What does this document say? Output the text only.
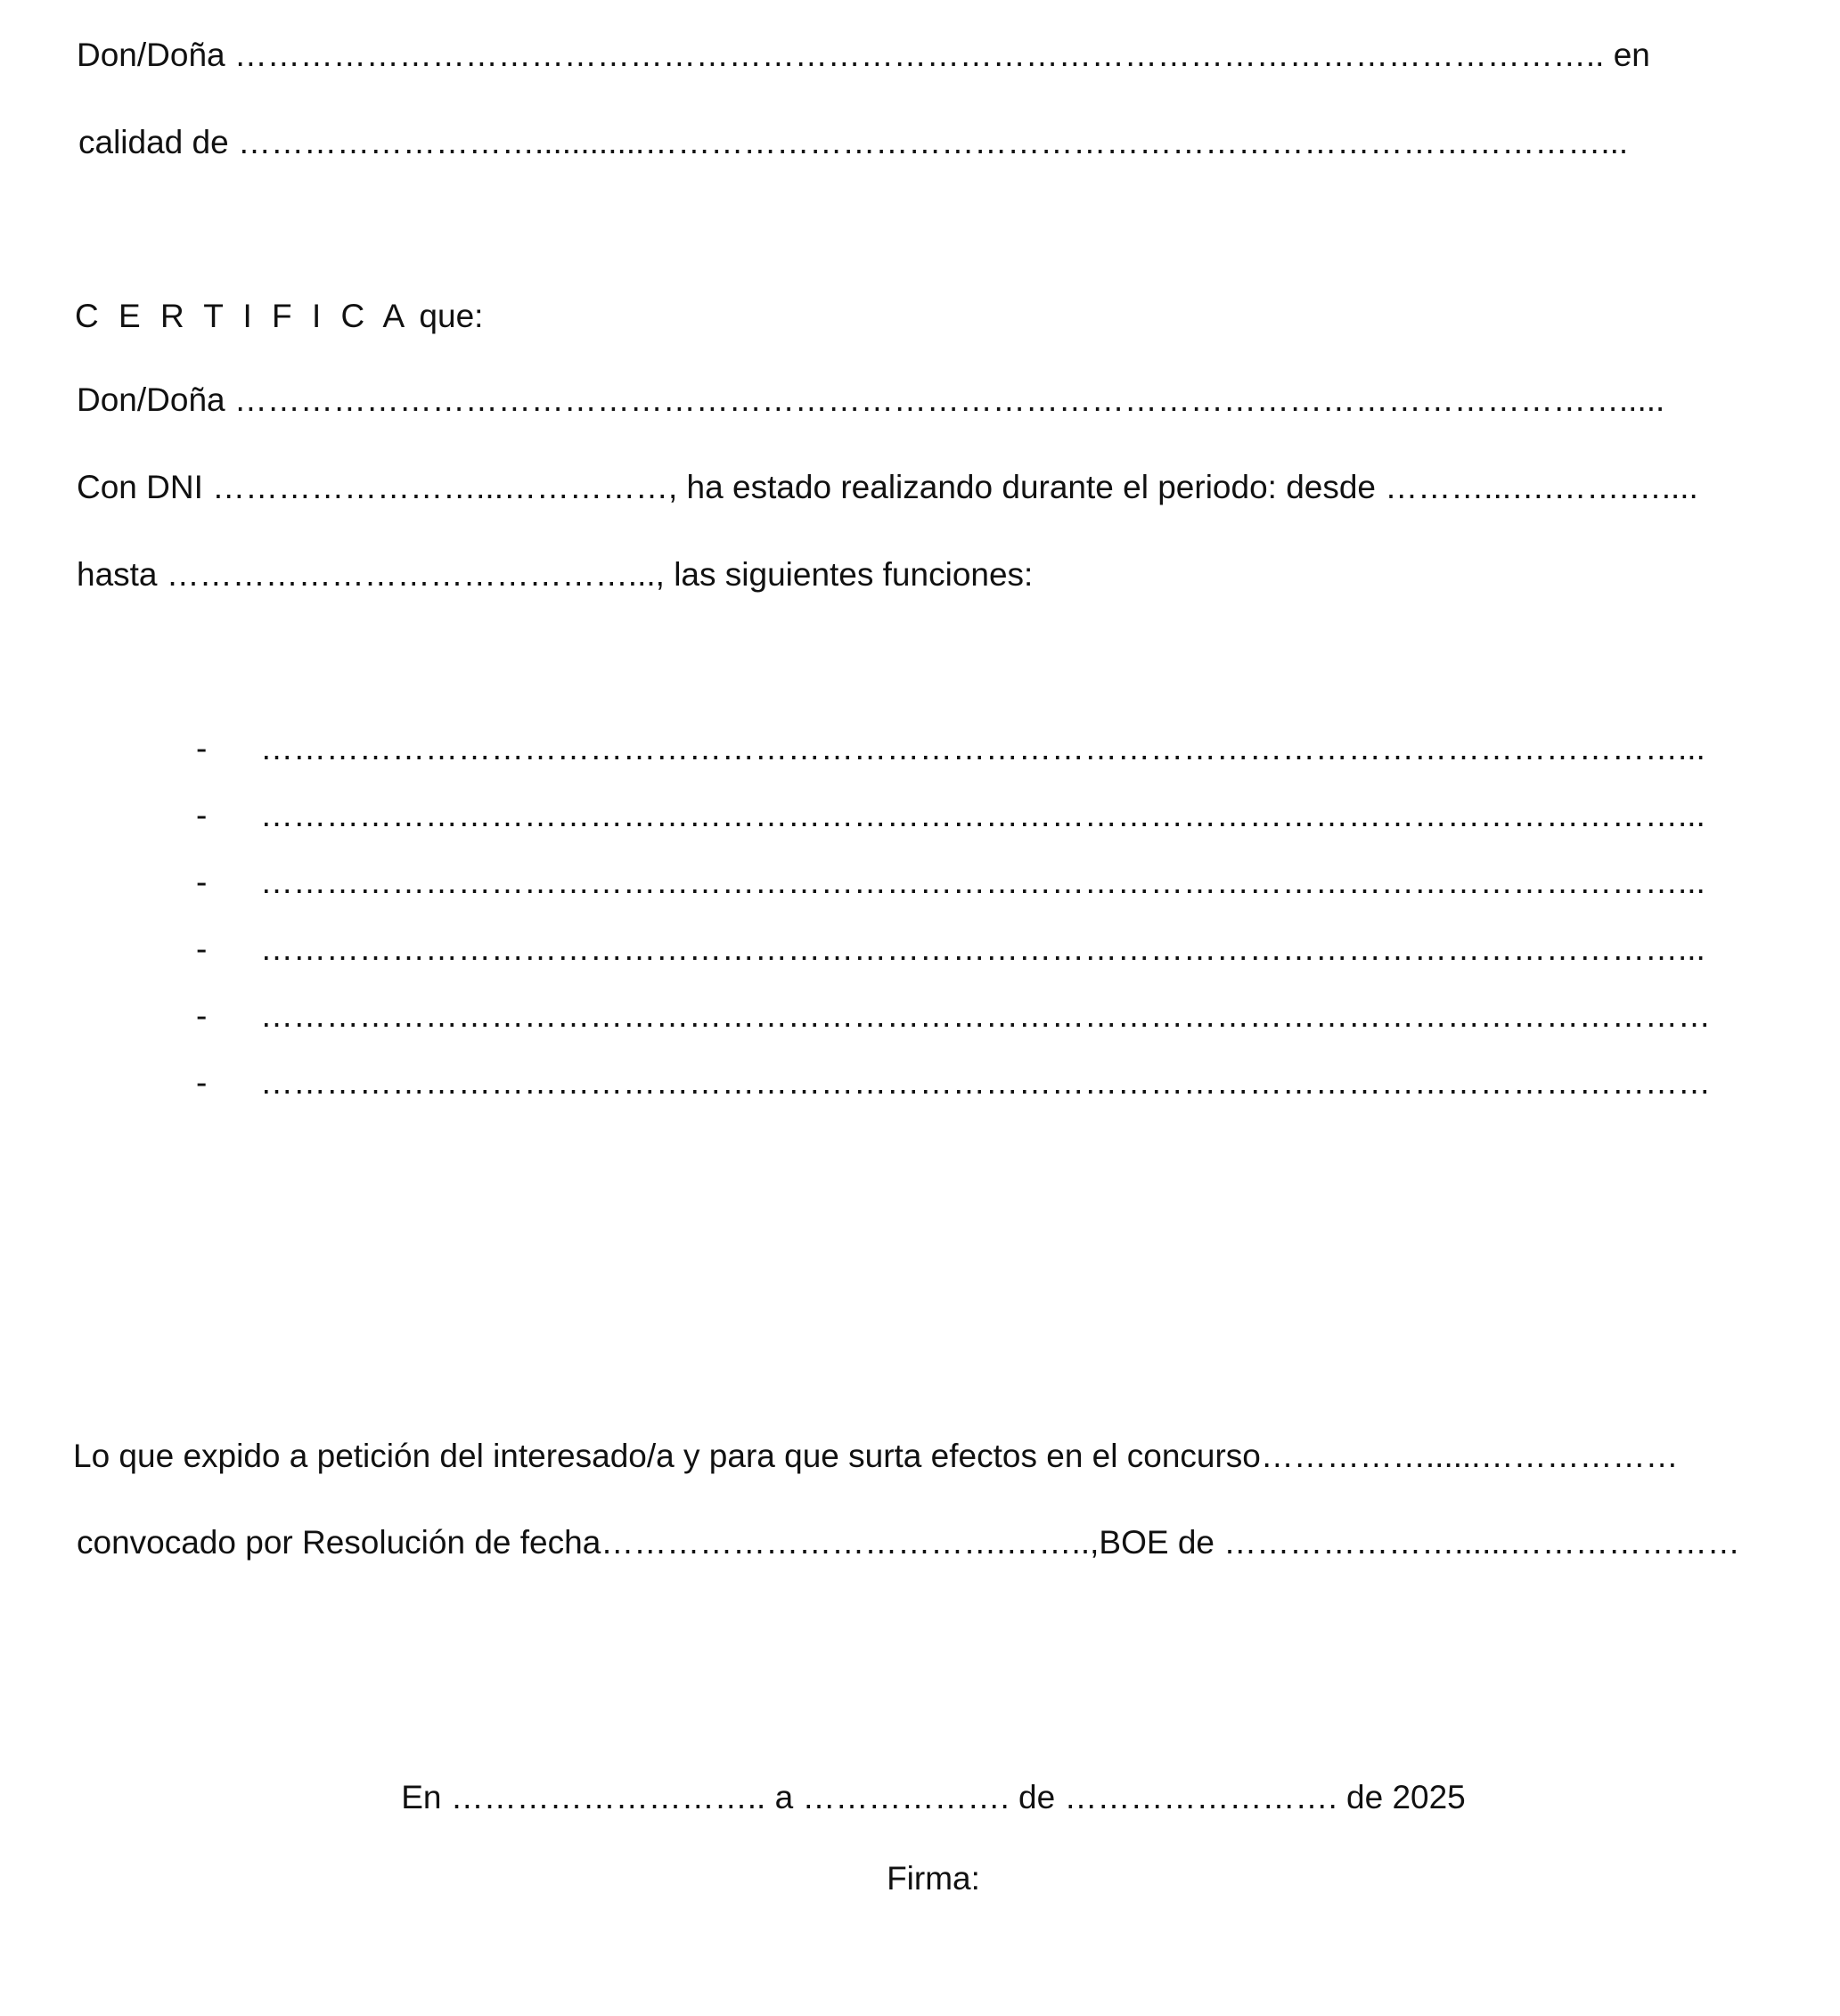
Don/Doña …………………………………………………………………………………………………………….. en

calidad de ………………………............……………………………………………………………………………...

C E R T I F I C A que:

Don/Doña ……………………………………………………………………………………………………………….....

Con DNI ……………………...……………, ha estado realizando durante el periodo: desde ………...….…….…....

hasta ……………………………………..., las siguientes funciones:

-	…………………………………………………………………………………………………………………...
-	…………………………………………………………………………………………………………………...
-	…………………………………………………………………………………………………………………...
-	…………………………………………………………………………………………………………………...
-	……………………………………………………………………………………………………………………
-	……………………………………………………………………………………………………………………

Lo que expido a petición del interesado/a y para que surta efectos en el concurso……………......………………

convocado por Resolución de fecha……………………………….……..,BOE de …………………......…………………

En ……………………….. a ………………. de ……………………. de 2025

Firma:
